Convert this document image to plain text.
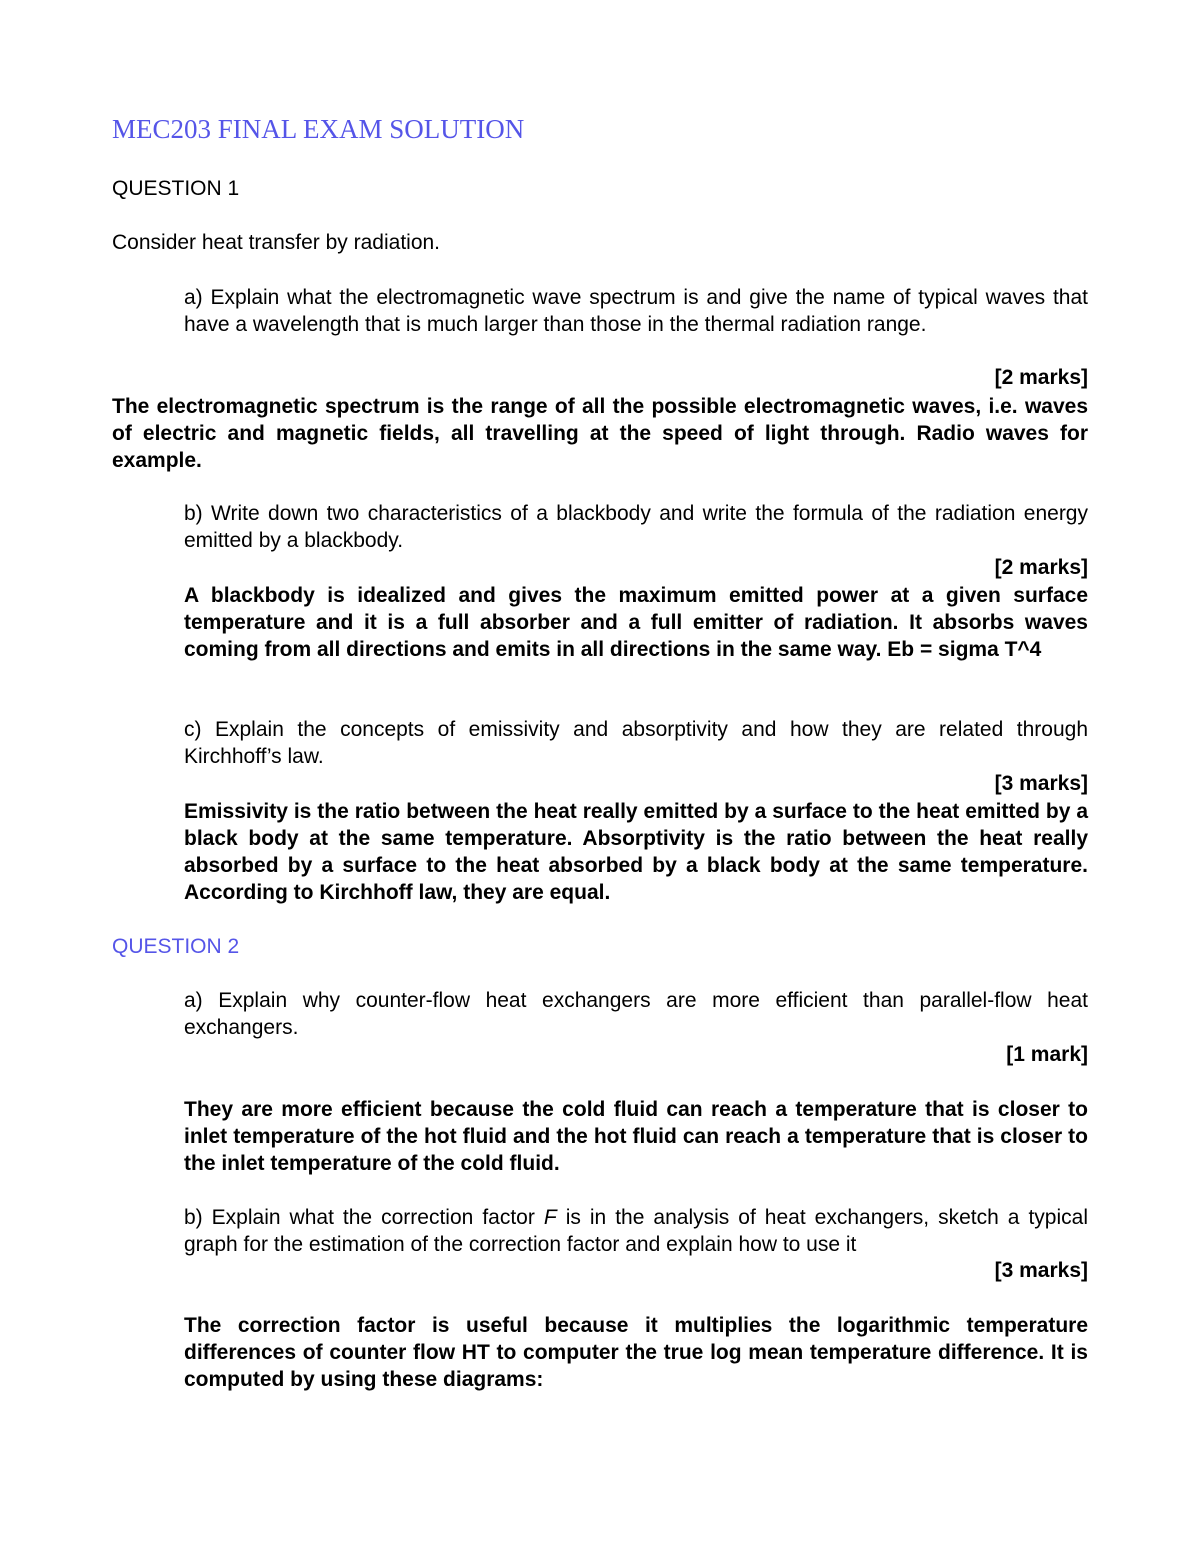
MEC203 FINAL EXAM SOLUTION
QUESTION 1

Consider heat transfer by radiation.

a) Explain what the electromagnetic wave spectrum is and give the name of typical waves that have a wavelength that is much larger than those in the thermal radiation range.

[2 marks]

The electromagnetic spectrum is the range of all the possible electromagnetic waves, i.e. waves of electric and magnetic fields, all travelling at the speed of light through. Radio waves for example.

b) Write down two characteristics of a blackbody and write the formula of the radiation energy emitted by a blackbody.

[2 marks]

A blackbody is idealized and gives the maximum emitted power at a given surface temperature and it is a full absorber and a full emitter of radiation. It absorbs waves coming from all directions and emits in all directions in the same way. Eb = sigma T^4

c) Explain the concepts of emissivity and absorptivity and how they are related through Kirchhoff’s law.

[3 marks]

Emissivity is the ratio between the heat really emitted by a surface to the heat emitted by a black body at the same temperature. Absorptivity is the ratio between the heat really absorbed by a surface to the heat absorbed by a black body at the same temperature. According to Kirchhoff law, they are equal.

QUESTION 2

a) Explain why counter-flow heat exchangers are more efficient than parallel-flow heat exchangers.

[1 mark]

They are more efficient because the cold fluid can reach a temperature that is closer to inlet temperature of the hot fluid and the hot fluid can reach a temperature that is closer to the inlet temperature of the cold fluid.

b) Explain what the correction factor F is in the analysis of heat exchangers, sketch a typical graph for the estimation of the correction factor and explain how to use it

[3 marks]

The correction factor is useful because it multiplies the logarithmic temperature differences of counter flow HT to computer the true log mean temperature difference. It is computed by using these diagrams:
